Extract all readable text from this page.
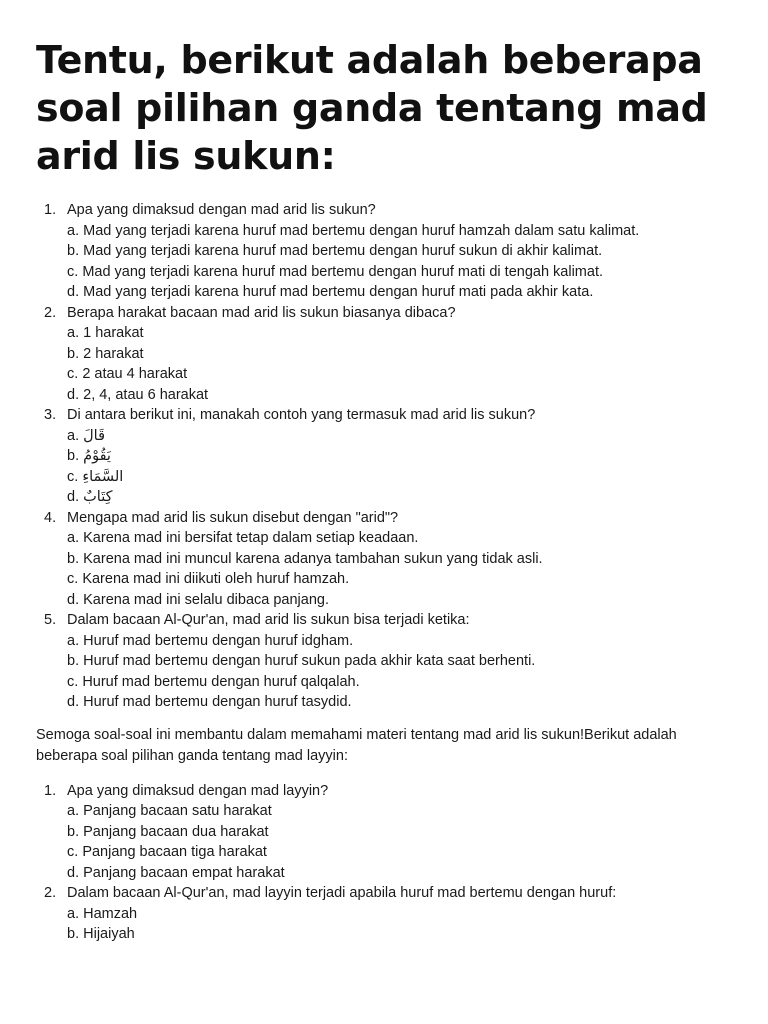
Tentu, berikut adalah beberapa soal pilihan ganda tentang mad arid lis sukun:
1. Apa yang dimaksud dengan mad arid lis sukun?
a. Mad yang terjadi karena huruf mad bertemu dengan huruf hamzah dalam satu kalimat.
b. Mad yang terjadi karena huruf mad bertemu dengan huruf sukun di akhir kalimat.
c. Mad yang terjadi karena huruf mad bertemu dengan huruf mati di tengah kalimat.
d. Mad yang terjadi karena huruf mad bertemu dengan huruf mati pada akhir kata.
2. Berapa harakat bacaan mad arid lis sukun biasanya dibaca?
a. 1 harakat
b. 2 harakat
c. 2 atau 4 harakat
d. 2, 4, atau 6 harakat
3. Di antara berikut ini, manakah contoh yang termasuk mad arid lis sukun?
a. قَالَ
b. يَقُوْمُ
c. السَّمَاءِ
d. كِتَابٌ
4. Mengapa mad arid lis sukun disebut dengan "arid"?
a. Karena mad ini bersifat tetap dalam setiap keadaan.
b. Karena mad ini muncul karena adanya tambahan sukun yang tidak asli.
c. Karena mad ini diikuti oleh huruf hamzah.
d. Karena mad ini selalu dibaca panjang.
5. Dalam bacaan Al-Qur'an, mad arid lis sukun bisa terjadi ketika:
a. Huruf mad bertemu dengan huruf idgham.
b. Huruf mad bertemu dengan huruf sukun pada akhir kata saat berhenti.
c. Huruf mad bertemu dengan huruf qalqalah.
d. Huruf mad bertemu dengan huruf tasydid.

Semoga soal-soal ini membantu dalam memahami materi tentang mad arid lis sukun!Berikut adalah beberapa soal pilihan ganda tentang mad layyin:

1. Apa yang dimaksud dengan mad layyin?
a. Panjang bacaan satu harakat
b. Panjang bacaan dua harakat
c. Panjang bacaan tiga harakat
d. Panjang bacaan empat harakat
2. Dalam bacaan Al-Qur'an, mad layyin terjadi apabila huruf mad bertemu dengan huruf:
a. Hamzah
b. Hijaiyah
